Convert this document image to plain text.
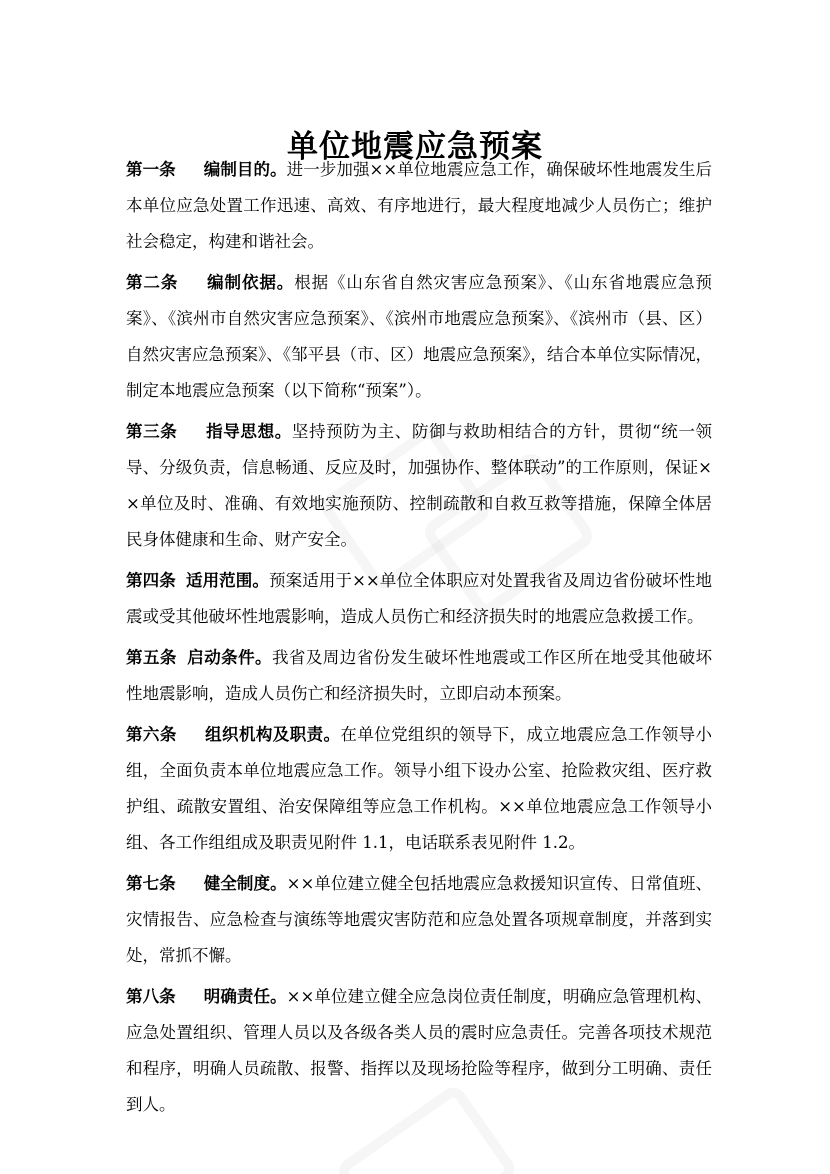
单位地震应急预案

第一条 编制目的。进一步加强××单位地震应急工作，确保破坏性地震发生后本单位应急处置工作迅速、高效、有序地进行，最大程度地减少人员伤亡；维护社会稳定，构建和谐社会。

第二条 编制依据。根据《山东省自然灾害应急预案》、《山东省地震应急预案》、《滨州市自然灾害应急预案》、《滨州市地震应急预案》、《滨州市（县、区）自然灾害应急预案》、《邹平县（市、区）地震应急预案》，结合本单位实际情况，制定本地震应急预案（以下简称“预案”）。

第三条 指导思想。坚持预防为主、防御与救助相结合的方针，贯彻“统一领导、分级负责，信息畅通、反应及时，加强协作、整体联动”的工作原则，保证××单位及时、准确、有效地实施预防、控制疏散和自救互救等措施，保障全体居民身体健康和生命、财产安全。

第四条 适用范围。预案适用于××单位全体职应对处置我省及周边省份破坏性地震或受其他破坏性地震影响，造成人员伤亡和经济损失时的地震应急救援工作。

第五条 启动条件。我省及周边省份发生破坏性地震或工作区所在地受其他破坏性地震影响，造成人员伤亡和经济损失时，立即启动本预案。

第六条 组织机构及职责。在单位党组织的领导下，成立地震应急工作领导小组，全面负责本单位地震应急工作。领导小组下设办公室、抢险救灾组、医疗救护组、疏散安置组、治安保障组等应急工作机构。××单位地震应急工作领导小组、各工作组组成及职责见附件 1.1，电话联系表见附件 1.2。

第七条 健全制度。××单位建立健全包括地震应急救援知识宣传、日常值班、灾情报告、应急检查与演练等地震灾害防范和应急处置各项规章制度，并落到实处，常抓不懈。

第八条 明确责任。××单位建立健全应急岗位责任制度，明确应急管理机构、应急处置组织、管理人员以及各级各类人员的震时应急责任。完善各项技术规范和程序，明确人员疏散、报警、指挥以及现场抢险等程序，做到分工明确、责任到人。
